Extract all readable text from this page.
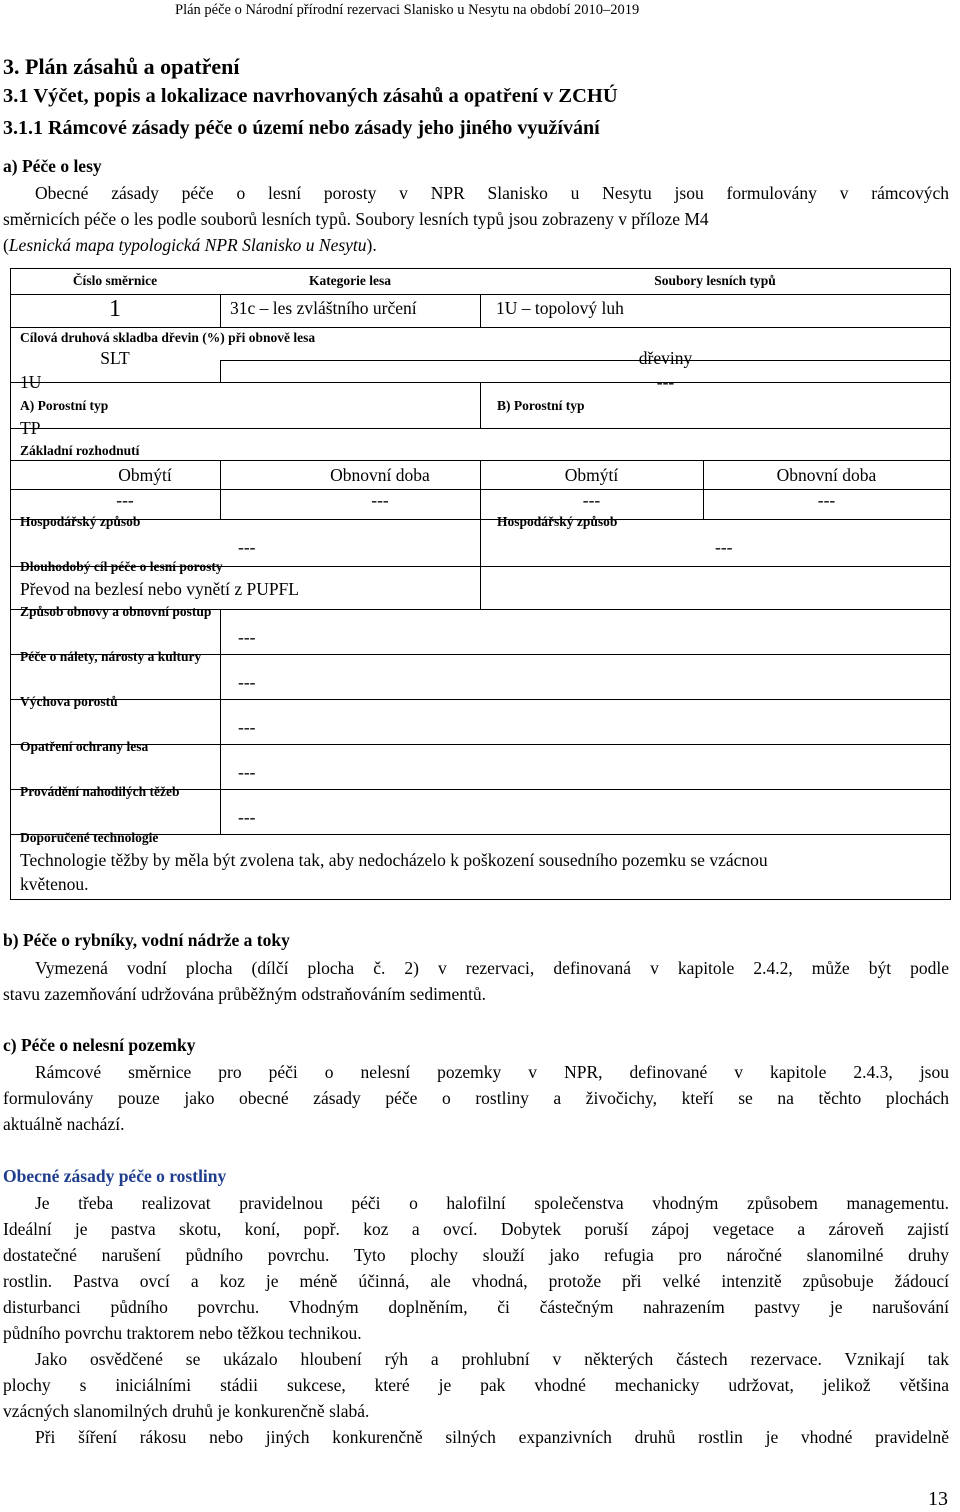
Plán péče o Národní přírodní rezervaci Slanisko u Nesytu na období 2010–2019
3. Plán zásahů a opatření
3.1 Výčet, popis a lokalizace navrhovaných zásahů a opatření v ZCHÚ
3.1.1 Rámcové zásady péče o území nebo zásady jeho jiného využívání
a) Péče o lesy

Obecné zásady péče o lesní porosty v NPR Slanisko u Nesytu jsou formulovány v rámcových

směrnicích péče o les podle souborů lesních typů. Soubory lesních typů jsou zobrazeny v příloze M4

(Lesnická mapa typologická NPR Slanisko u Nesytu).

Číslo směrnice	Kategorie lesa	Soubory lesních typů
1	31c – les zvláštního určení	1U – topolový luh
Cílová druhová skladba dřevin (%) při obnově lesa
SLT	dřeviny
1U	---
A) Porostní typ	B) Porostní typ
TP
Základní rozhodnutí
Obmýtí	Obnovní doba	Obmýtí	Obnovní doba
---	---	---	---
Hospodářský způsob	Hospodářský způsob
---	---
Dlouhodobý cíl péče o lesní porosty
Převod na bezlesí nebo vynětí z PUPFL
Způsob obnovy a obnovní postup
---
Péče o nálety, nárosty a kultury
---
Výchova porostů
---
Opatření ochrany lesa
---
Provádění nahodilých těžeb
---
Doporučené technologie
Technologie těžby by měla být zvolena tak, aby nedocházelo k poškození sousedního pozemku se vzácnou
květenou.
b) Péče o rybníky, vodní nádrže a toky

Vymezená vodní plocha (dílčí plocha č. 2) v rezervaci, definovaná v kapitole 2.4.2, může být podle

stavu zazemňování udržována průběžným odstraňováním sedimentů.

c) Péče o nelesní pozemky

Rámcové směrnice pro péči o nelesní pozemky v NPR, definované v kapitole 2.4.3, jsou

formulovány pouze jako obecné zásady péče o rostliny a živočichy, kteří se na těchto plochách

aktuálně nachází.

Obecné zásady péče o rostliny

Je třeba realizovat pravidelnou péči o halofilní společenstva vhodným způsobem managementu.

Ideální je pastva skotu, koní, popř. koz a ovcí. Dobytek poruší zápoj vegetace a zároveň zajistí

dostatečné narušení půdního povrchu. Tyto plochy slouží jako refugia pro náročné slanomilné druhy

rostlin. Pastva ovcí a koz je méně účinná, ale vhodná, protože při velké intenzitě způsobuje žádoucí

disturbanci půdního povrchu. Vhodným doplněním, či částečným nahrazením pastvy je narušování

půdního povrchu traktorem nebo těžkou technikou.

Jako osvědčené se ukázalo hloubení rýh a prohlubní v některých částech rezervace. Vznikají tak

plochy s iniciálními stádii sukcese, které je pak vhodné mechanicky udržovat, jelikož většina

vzácných slanomilných druhů je konkurenčně slabá.

Při šíření rákosu nebo jiných konkurenčně silných expanzivních druhů rostlin je vhodné pravidelně

13
